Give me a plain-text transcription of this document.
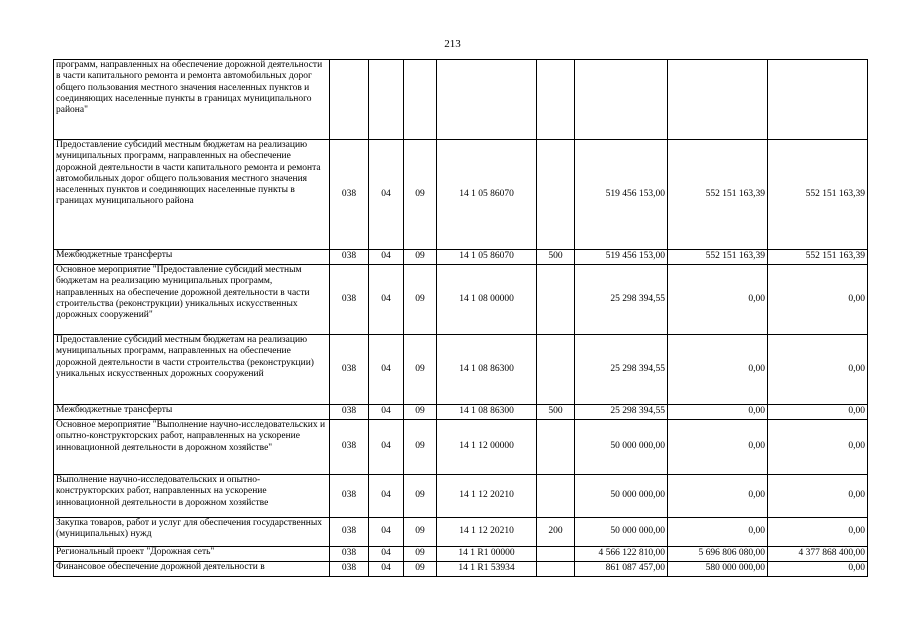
213
программ, направленных на обеспечение дорожной деятельности в части капитального ремонта и ремонта автомобильных дорог общего пользования местного значения населенных пунктов и соединяющих населенные пункты в границах муниципального района"								
Предоставление субсидий местным бюджетам на реализацию муниципальных программ, направленных на обеспечение дорожной деятельности в части капитального ремонта и ремонта автомобильных дорог общего пользования местного значения населенных пунктов и соединяющих населенные пункты в границах муниципального района	038	04	09	14 1 05 86070		519 456 153,00	552 151 163,39	552 151 163,39
Межбюджетные трансферты	038	04	09	14 1 05 86070	500	519 456 153,00	552 151 163,39	552 151 163,39
Основное мероприятие "Предоставление субсидий местным бюджетам на реализацию муниципальных программ, направленных на обеспечение дорожной деятельности в части строительства (реконструкции) уникальных искусственных дорожных сооружений"	038	04	09	14 1 08 00000		25 298 394,55	0,00	0,00
Предоставление субсидий местным бюджетам на реализацию муниципальных программ, направленных на обеспечение дорожной деятельности в части строительства (реконструкции) уникальных искусственных дорожных сооружений	038	04	09	14 1 08 86300		25 298 394,55	0,00	0,00
Межбюджетные трансферты	038	04	09	14 1 08 86300	500	25 298 394,55	0,00	0,00
Основное мероприятие "Выполнение научно-исследовательских и опытно-конструкторских работ, направленных на ускорение инновационной деятельности в дорожном хозяйстве"	038	04	09	14 1 12 00000		50 000 000,00	0,00	0,00
Выполнение научно-исследовательских и опытно-конструкторских работ, направленных на ускорение инновационной деятельности в дорожном хозяйстве	038	04	09	14 1 12 20210		50 000 000,00	0,00	0,00
Закупка товаров, работ и услуг для обеспечения государственных (муниципальных) нужд	038	04	09	14 1 12 20210	200	50 000 000,00	0,00	0,00
Региональный проект "Дорожная сеть"	038	04	09	14 1 R1 00000		4 566 122 810,00	5 696 806 080,00	4 377 868 400,00
Финансовое обеспечение дорожной деятельности в	038	04	09	14 1 R1 53934		861 087 457,00	580 000 000,00	0,00
